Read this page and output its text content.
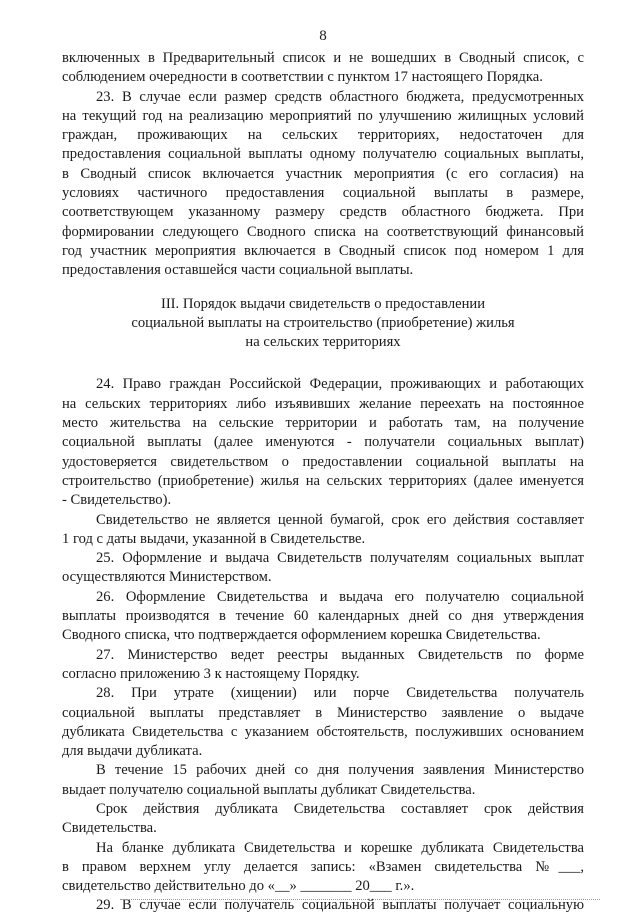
8
включенных в Предварительный список и не вошедших в Сводный список, с
соблюдением очередности в соответствии с пунктом 17 настоящего Порядка.
23. В случае если размер средств областного бюджета, предусмотренных
на текущий год на реализацию мероприятий по улучшению жилищных условий
граждан, проживающих на сельских территориях, недостаточен для
предоставления социальной выплаты одному получателю социальных выплаты,
в Сводный список включается участник мероприятия (с его согласия) на
условиях частичного предоставления социальной выплаты в размере,
соответствующем указанному размеру средств областного бюджета. При
формировании следующего Сводного списка на соответствующий финансовый
год участник мероприятия включается в Сводный список под номером 1 для
предоставления оставшейся части социальной выплаты.
III. Порядок выдачи свидетельств о предоставлении
социальной выплаты на строительство (приобретение) жилья
на сельских территориях
24. Право граждан Российской Федерации, проживающих и работающих
на сельских территориях либо изъявивших желание переехать на постоянное
место жительства на сельские территории и работать там, на получение
социальной выплаты (далее именуются - получатели социальных выплат)
удостоверяется свидетельством о предоставлении социальной выплаты на
строительство (приобретение) жилья на сельских территориях (далее именуется
- Свидетельство).
Свидетельство не является ценной бумагой, срок его действия составляет
1 год с даты выдачи, указанной в Свидетельстве.
25. Оформление и выдача Свидетельств получателям социальных выплат
осуществляются Министерством.
26. Оформление Свидетельства и выдача его получателю социальной
выплаты производятся в течение 60 календарных дней со дня утверждения
Сводного списка, что подтверждается оформлением корешка Свидетельства.
27. Министерство ведет реестры выданных Свидетельств по форме
согласно приложению 3 к настоящему Порядку.
28. При утрате (хищении) или порче Свидетельства получатель
социальной выплаты представляет в Министерство заявление о выдаче
дубликата Свидетельства с указанием обстоятельств, послуживших основанием
для выдачи дубликата.
В течение 15 рабочих дней со дня получения заявления Министерство
выдает получателю социальной выплаты дубликат Свидетельства.
Срок действия дубликата Свидетельства составляет срок действия
Свидетельства.
На бланке дубликата Свидетельства и корешке дубликата Свидетельства
в правом верхнем углу делается запись: «Взамен свидетельства №___,
свидетельство действительно до «__» _______ 20___ г.».
29. В случае если получатель социальной выплаты получает социальную
